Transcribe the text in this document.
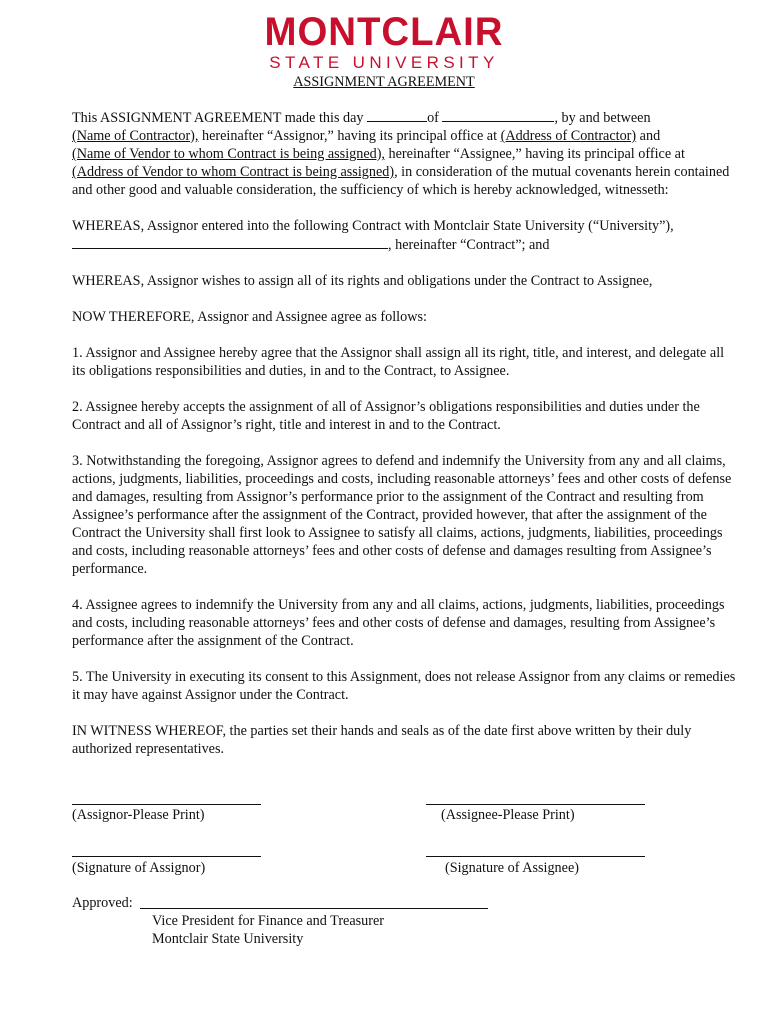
MONTCLAIR
STATE UNIVERSITY
ASSIGNMENT AGREEMENT

This ASSIGNMENT AGREEMENT made this day	of	, by and between
(Name of Contractor), hereinafter “Assignor,” having its principal office at (Address of Contractor) and
(Name of Vendor to whom Contract is being assigned), hereinafter “Assignee,” having its principal office at
(Address of Vendor to whom Contract is being assigned), in consideration of the mutual covenants herein contained and other good and valuable consideration, the sufficiency of which is hereby acknowledged, witnesseth:

WHEREAS, Assignor entered into the following Contract with Montclair State University (“University”),
, hereinafter “Contract”; and

WHEREAS, Assignor wishes to assign all of its rights and obligations under the Contract to Assignee,

NOW THEREFORE, Assignor and Assignee agree as follows:

1. Assignor and Assignee hereby agree that the Assignor shall assign all its right, title, and interest, and delegate all its obligations responsibilities and duties, in and to the Contract, to Assignee.

2. Assignee hereby accepts the assignment of all of Assignor’s obligations responsibilities and duties under the Contract and all of Assignor’s right, title and interest in and to the Contract.

3. Notwithstanding the foregoing, Assignor agrees to defend and indemnify the University from any and all claims, actions, judgments, liabilities, proceedings and costs, including reasonable attorneys’ fees and other costs of defense and damages, resulting from Assignor’s performance prior to the assignment of the Contract and resulting from Assignee’s performance after the assignment of the Contract, provided however, that after the assignment of the Contract the University shall first look to Assignee to satisfy all claims, actions, judgments, liabilities, proceedings and costs, including reasonable attorneys’ fees and other costs of defense and damages resulting from Assignee’s performance.

4. Assignee agrees to indemnify the University from any and all claims, actions, judgments, liabilities, proceedings and costs, including reasonable attorneys’ fees and other costs of defense and damages, resulting from Assignee’s performance after the assignment of the Contract.

5. The University in executing its consent to this Assignment, does not release Assignor from any claims or remedies it may have against Assignor under the Contract.

IN WITNESS WHEREOF, the parties set their hands and seals as of the date first above written by their duly authorized representatives.

(Assignor-Please Print)	(Assignee-Please Print)
(Signature of Assignor)	(Signature of Assignee)
Approved:
Vice President for Finance and Treasurer
Montclair State University
